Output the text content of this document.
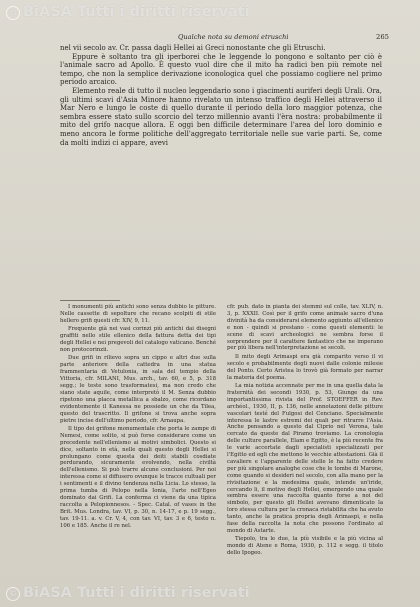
© BiASA Tutti i diritti riservati
Qualche nota su demoni etruschi	265

nel vii secolo av. Cr. passa dagli Hellei ai Greci nonostante che gli Etruschi.

Eppure è soltanto tra gli iperborei che le leggende lo pongono e soltanto per ciò è l'animale sacro ad Apollo. È questo vuol dire che il mito ha radici ben più remote nel tempo, che non la semplice derivazione iconologica quel che possiamo cogliere nel primo periodo arcaico.

Elemento reale di tutto il nucleo leggendario sono i giacimenti auriferi degli Urali. Ora, gli ultimi scavi d'Asia Minore hanno rivelato un intenso traffico degli Hellei attraverso il Mar Nero e lungo le coste di quello durante il periodo della loro maggior potenza, che sembra essere stato sullo scorcio del terzo millennio avanti l'èra nostra: probabilmente il mito del grifo nacque allora. E oggi ben difficile determinare l'area del loro dominio e meno ancora le forme politiche dell'aggregato territoriale nelle sue varie parti. Se, come da molti indizi ci appare, avevi

I monumenti più antichi sono senza dubbio le pitture. Nelle cassette di sepolture che recano scolpiti di stile hellero grifi questi cfr. XIV, 9, 11.

Frequente già nei vasi corinzi più antichi dai disegni graffiti nello stile ellenico della fattura detta dei tipi degli Hellei e nei pregevoli del catalogo vaticano. Benché non protocorinzii.

Due grifi in rilievo sopra un cippo e altri due sulla parte anteriore della cattedra in una statua frammentaria di Vetulonia, in sala del tempio della Vittoria, cfr. MILANI, Mus. arch., tav. 60, e 5, p. 318 segg.; le teste sono trasformatesi, ma non credo che siano state aquile, come interpretò il M. Senza dubbio ripetono una placca metallica a sbalzo, come ricordano evidentemente il Kanessa ne possiede un che da Tilea, questo del trascritto. Il grifone si trova anche sopra pietre incise dell'ultimo periodo, cfr. Arnaupa.

Il tipo dei grifone monumentale che porta le zampe di Nemesi, come solito, si può forse considerare come un precedente nell'ellenismo ai motivi simbolici. Questo si dice, soltanto in età, nelle quali questo degli Hellei si prolungano come questa dei deiti stabili cosdiate perdurando, sicuramente evolvendo, nella civiltà dell'ellenismo. Si può trarre alcune conclusioni. Per noi interessa come si diffusero ovunque le tracce cultuali per i sentimenti e il divino tendenza nella Licia. Lo stesso, la prima tumba di Pelopo nella Ionia, l'arte nell'Egeo dominato dai Grifi. La conferma ci viene da una tipica raccolta a Pelopionnesos. - Spec. Catal. of vases in the Brit. Mus. Londra, tav. VI, p. 30, n. 14-17, e p. 19 segg., tav. 19-11. a. v. Cr. V, 4, con tav. VI, tav. 3 e 6, testo n. 106 e 185. Anche il re nel.

cfr. pub. dato in pianta dei stemmi sul colle, tav. XLIV, n. 3, p. XXXII. Così per il grifo come animale sacro d'una divinità ha da considerarsi elemento aggiunto all'ellenico e non - quindi si prestano - come questi elementi: le scene di scavi archeologici ne sembra forse il sorprendere per il carattere fantastico che ne imperano per più libera nell'interpretazione se secoli.

Il mito degli Arimaspi era già comparito verso il vi secolo e probabilmente degli nuovi dalle colonie milesie del Ponto. Certo Aristea lo trovò già formato per narrar la materia del poema.

La mia notizia accennate per me in una quella data la fraternità dei secondi 1930, p. 53, Giunge da una importantissima rivista del Prof. STOEFFER in Rev. archéol., 1930, II, p. 136, nelle annotazioni delle pitture vascolari testé del Fulgosi del Cenciano. Specialmente interessa le lastre estremi dei quali per ritrarre l'Asia. Anche pensando a questo dal Ciprio nel Verona, tale cercato da queste dal Piramo troviamo. La cronologia delle culture parallele, Elam e Egitto, è la più recente fra le varie accertate dagli specialisti specializzati per l'Egitto ed egli che mettono le vecchie attestazioni. Già il cavaliere e l'apparente delle stelle le ha fatto credere per più singolare analoghe cose che le tombe di Marone, come quando si desideri nel secolo, con alla mano per la rivisitazione e la medesima quale, intende un'iride, cercando li, il motivo degli Hellei, emergendo una quale sembra essere una raccolta quanto forse a noi del simbolo, per questo gli Hellei avevano dimenticato la loro stessa cultura per la cronaca ristabilita che ha avuto tanto, anche la pratica propria degli Arimaspi, e nella fase della raccolta la nota che possono l'ordinato al mondo di Astarte.

Tiepolo, tra le due, la più visibile e la più vicina al mondo di Atene e Roma, 1930, p. 112 e segg. il titolo dello Ipogeo.

© BiASA Tutti i diritti riservati
